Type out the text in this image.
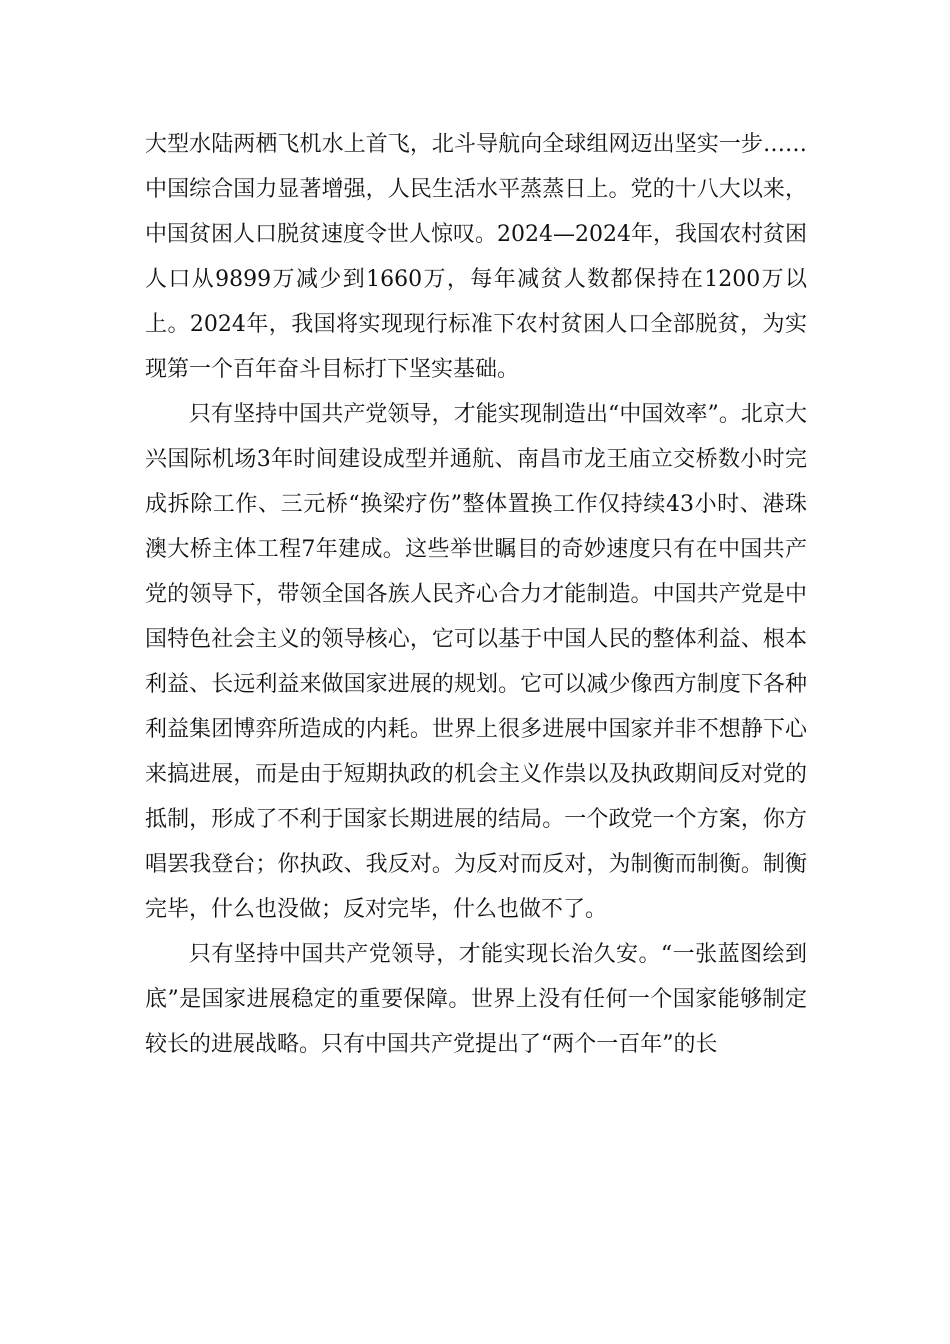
大型水陆两栖飞机水上首飞，北斗导航向全球组网迈出坚实一步……中国综合国力显著增强，人民生活水平蒸蒸日上。党的十八大以来，中国贫困人口脱贫速度令世人惊叹。2024—2024年，我国农村贫困人口从9899万减少到1660万，每年减贫人数都保持在1200万以上。2024年，我国将实现现行标准下农村贫困人口全部脱贫，为实现第一个百年奋斗目标打下坚实基础。

只有坚持中国共产党领导，才能实现制造出“中国效率”。北京大兴国际机场3年时间建设成型并通航、南昌市龙王庙立交桥数小时完成拆除工作、三元桥“换梁疗伤”整体置换工作仅持续43小时、港珠澳大桥主体工程7年建成。这些举世瞩目的奇妙速度只有在中国共产党的领导下，带领全国各族人民齐心合力才能制造。中国共产党是中国特色社会主义的领导核心，它可以基于中国人民的整体利益、根本利益、长远利益来做国家进展的规划。它可以减少像西方制度下各种利益集团博弈所造成的内耗。世界上很多进展中国家并非不想静下心来搞进展，而是由于短期执政的机会主义作祟以及执政期间反对党的抵制，形成了不利于国家长期进展的结局。一个政党一个方案，你方唱罢我登台；你执政、我反对。为反对而反对，为制衡而制衡。制衡完毕，什么也没做；反对完毕，什么也做不了。

只有坚持中国共产党领导，才能实现长治久安。“一张蓝图绘到底”是国家进展稳定的重要保障。世界上没有任何一个国家能够制定较长的进展战略。只有中国共产党提出了“两个一百年”的长
